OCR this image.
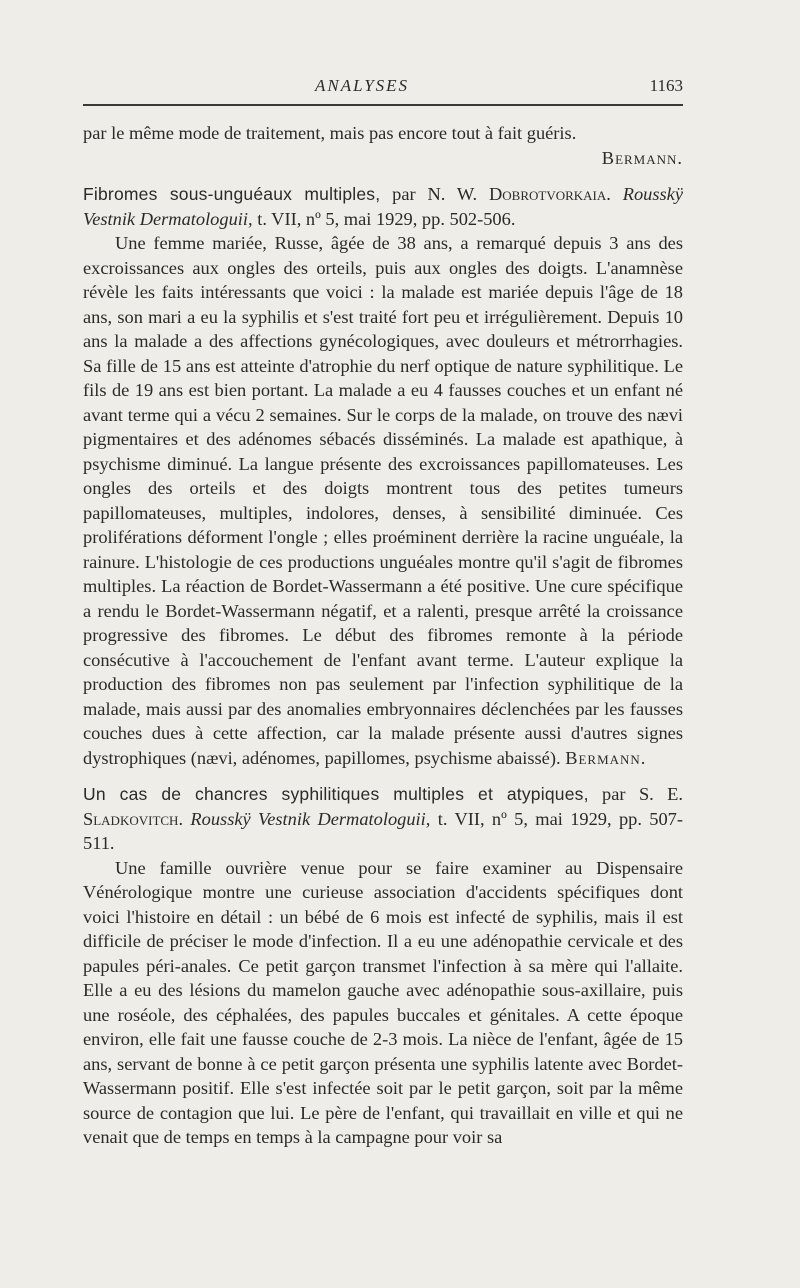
ANALYSES	1163

par le même mode de traitement, mais pas encore tout à fait guéris.

Bermann.

Fibromes sous-unguéaux multiples, par N. W. Dobrotvorkaia. Rousskÿ Vestnik Dermatologuii, t. VII, nº 5, mai 1929, pp. 502-506.

Une femme mariée, Russe, âgée de 38 ans, a remarqué depuis 3 ans des excroissances aux ongles des orteils, puis aux ongles des doigts. L'anamnèse révèle les faits intéressants que voici : la malade est mariée depuis l'âge de 18 ans, son mari a eu la syphilis et s'est traité fort peu et irrégulièrement. Depuis 10 ans la malade a des affections gynécologiques, avec douleurs et métrorrhagies. Sa fille de 15 ans est atteinte d'atrophie du nerf optique de nature syphilitique. Le fils de 19 ans est bien portant. La malade a eu 4 fausses couches et un enfant né avant terme qui a vécu 2 semaines. Sur le corps de la malade, on trouve des nævi pigmentaires et des adénomes sébacés disséminés. La malade est apathique, à psychisme diminué. La langue présente des excroissances papillomateuses. Les ongles des orteils et des doigts montrent tous des petites tumeurs papillomateuses, multiples, indolores, denses, à sensibilité diminuée. Ces proliférations déforment l'ongle ; elles proéminent derrière la racine unguéale, la rainure. L'histologie de ces productions unguéales montre qu'il s'agit de fibromes multiples. La réaction de Bordet-Wassermann a été positive. Une cure spécifique a rendu le Bordet-Wassermann négatif, et a ralenti, presque arrêté la croissance progressive des fibromes. Le début des fibromes remonte à la période consécutive à l'accouchement de l'enfant avant terme. L'auteur explique la production des fibromes non pas seulement par l'infection syphilitique de la malade, mais aussi par des anomalies embryonnaires déclenchées par les fausses couches dues à cette affection, car la malade présente aussi d'autres signes dystrophiques (nævi, adénomes, papillomes, psychisme abaissé). Bermann.

Un cas de chancres syphilitiques multiples et atypiques, par S. E. Sladkovitch. Rousskÿ Vestnik Dermatologuii, t. VII, nº 5, mai 1929, pp. 507-511.

Une famille ouvrière venue pour se faire examiner au Dispensaire Vénérologique montre une curieuse association d'accidents spécifiques dont voici l'histoire en détail : un bébé de 6 mois est infecté de syphilis, mais il est difficile de préciser le mode d'infection. Il a eu une adénopathie cervicale et des papules péri-anales. Ce petit garçon transmet l'infection à sa mère qui l'allaite. Elle a eu des lésions du mamelon gauche avec adénopathie sous-axillaire, puis une roséole, des céphalées, des papules buccales et génitales. A cette époque environ, elle fait une fausse couche de 2-3 mois. La nièce de l'enfant, âgée de 15 ans, servant de bonne à ce petit garçon présenta une syphilis latente avec Bordet-Wassermann positif. Elle s'est infectée soit par le petit garçon, soit par la même source de contagion que lui. Le père de l'enfant, qui travaillait en ville et qui ne venait que de temps en temps à la campagne pour voir sa
